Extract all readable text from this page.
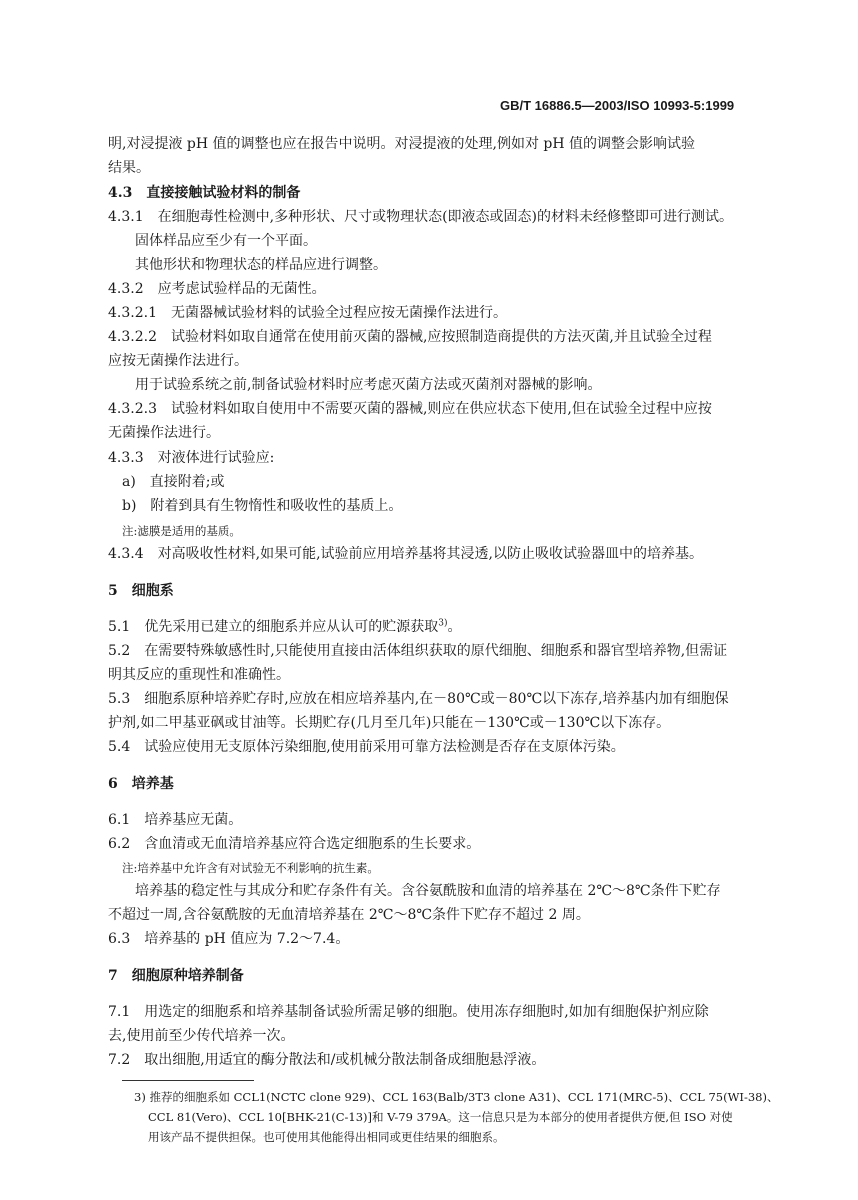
GB/T 16886.5—2003/ISO 10993-5:1999
明,对浸提液 pH 值的调整也应在报告中说明。对浸提液的处理,例如对 pH 值的调整会影响试验
结果。
4.3　直接接触试验材料的制备
4.3.1　在细胞毒性检测中,多种形状、尺寸或物理状态(即液态或固态)的材料未经修整即可进行测试。
固体样品应至少有一个平面。
其他形状和物理状态的样品应进行调整。
4.3.2　应考虑试验样品的无菌性。
4.3.2.1　无菌器械试验材料的试验全过程应按无菌操作法进行。
4.3.2.2　试验材料如取自通常在使用前灭菌的器械,应按照制造商提供的方法灭菌,并且试验全过程
应按无菌操作法进行。
用于试验系统之前,制备试验材料时应考虑灭菌方法或灭菌剂对器械的影响。
4.3.2.3　试验材料如取自使用中不需要灭菌的器械,则应在供应状态下使用,但在试验全过程中应按
无菌操作法进行。
4.3.3　对液体进行试验应:
a)　直接附着;或
b)　附着到具有生物惰性和吸收性的基质上。
注:滤膜是适用的基质。
4.3.4　对高吸收性材料,如果可能,试验前应用培养基将其浸透,以防止吸收试验器皿中的培养基。
5　细胞系
5.1　优先采用已建立的细胞系并应从认可的贮源获取$^{3)}$。
5.2　在需要特殊敏感性时,只能使用直接由活体组织获取的原代细胞、细胞系和器官型培养物,但需证
明其反应的重现性和准确性。
5.3　细胞系原种培养贮存时,应放在相应培养基内,在－80℃或－80℃以下冻存,培养基内加有细胞保
护剂,如二甲基亚砜或甘油等。长期贮存(几月至几年)只能在－130℃或－130℃以下冻存。
5.4　试验应使用无支原体污染细胞,使用前采用可靠方法检测是否存在支原体污染。
6　培养基
6.1　培养基应无菌。
6.2　含血清或无血清培养基应符合选定细胞系的生长要求。
注:培养基中允许含有对试验无不利影响的抗生素。
培养基的稳定性与其成分和贮存条件有关。含谷氨酰胺和血清的培养基在 2℃～8℃条件下贮存
不超过一周,含谷氨酰胺的无血清培养基在 2℃～8℃条件下贮存不超过 2 周。
6.3　培养基的 pH 值应为 7.2～7.4。
7　细胞原种培养制备
7.1　用选定的细胞系和培养基制备试验所需足够的细胞。使用冻存细胞时,如加有细胞保护剂应除
去,使用前至少传代培养一次。
7.2　取出细胞,用适宜的酶分散法和/或机械分散法制备成细胞悬浮液。
3) 推荐的细胞系如 CCL1(NCTC clone 929)、CCL 163(Balb/3T3 clone A31)、CCL 171(MRC-5)、CCL 75(WI-38)、
CCL 81(Vero)、CCL 10[BHK-21(C-13)]和 V-79 379A。这一信息只是为本部分的使用者提供方便,但 ISO 对使
用该产品不提供担保。也可使用其他能得出相同或更佳结果的细胞系。
